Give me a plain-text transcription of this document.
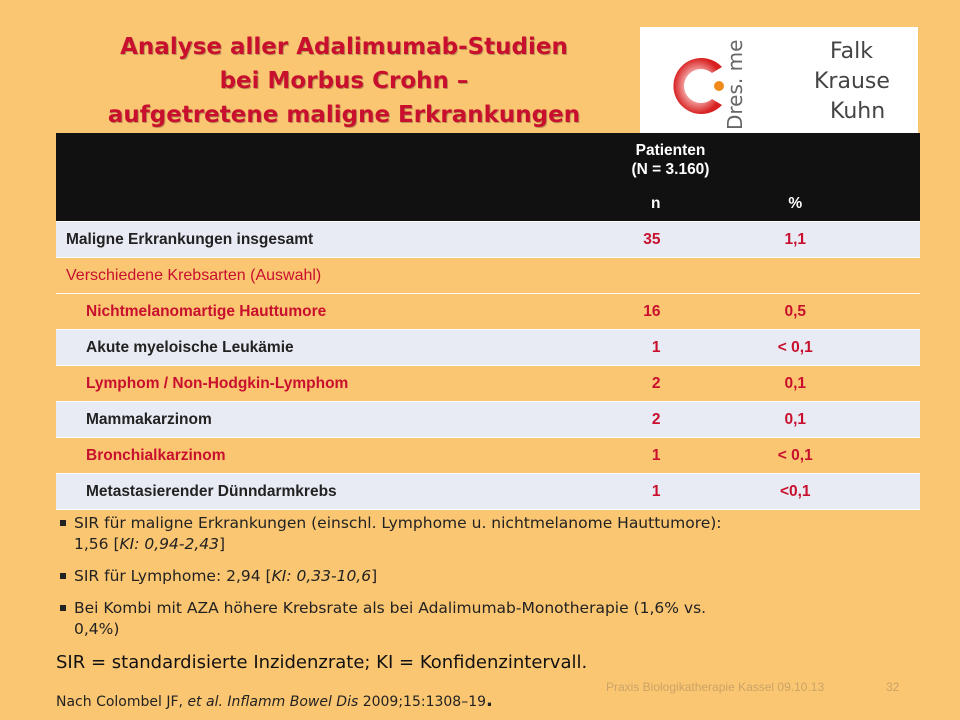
Analyse aller Adalimumab-Studien
bei Morbus Crohn –
aufgetretene maligne Erkrankungen	Dres. med.	Falk
Krause
Kuhn

	Patienten
(N = 3.160)	

	n	%
Maligne Erkrankungen insgesamt	35	1,1
Verschiedene Krebsarten (Auswahl)		
Nichtmelanomartige Hauttumore	16	0,5
Akute myeloische Leukämie	1	< 0,1
Lymphom / Non-Hodgkin-Lymphom	2	0,1
Mammakarzinom	2	0,1
Bronchialkarzinom	1	< 0,1
Metastasierender Dünndarmkrebs	1	<0,1
SIR für maligne Erkrankungen (einschl. Lymphome u. nichtmelanome Hauttumore):
1,56 [KI: 0,94-2,43]
SIR für Lymphome: 2,94 [KI: 0,33-10,6]
Bei Kombi mit AZA höhere Krebsrate als bei Adalimumab-Monotherapie (1,6% vs.
0,4%)
SIR = standardisierte Inzidenzrate; KI = Konfidenzintervall.
Nach Colombel JF, et al. Inflamm Bowel Dis 2009;15:1308–19.
Praxis Biologikatherapie Kassel 09.10.13	32
